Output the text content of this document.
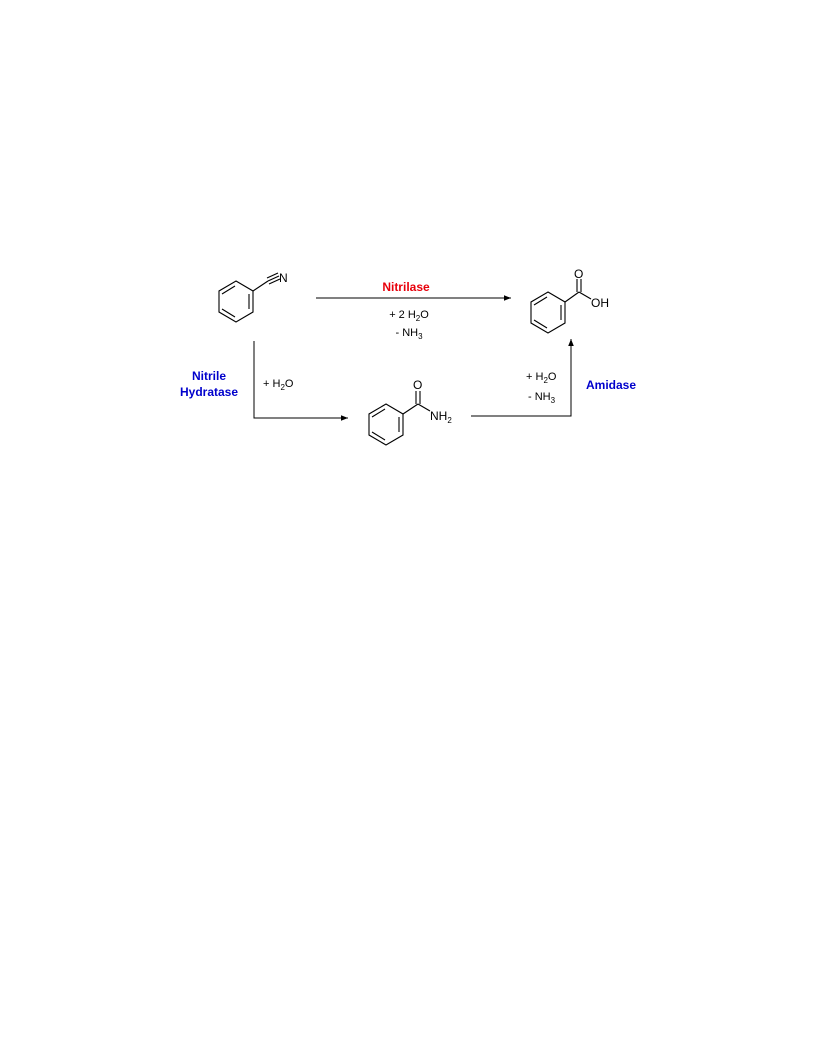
N	O
OH
O
$NH_2$
Nitrilase
+ 2 $H_2O$
- $NH_3$
Nitrile
Hydratase
+ $H_2O$	Amidase
+ $H_2O$
- $NH_3$
